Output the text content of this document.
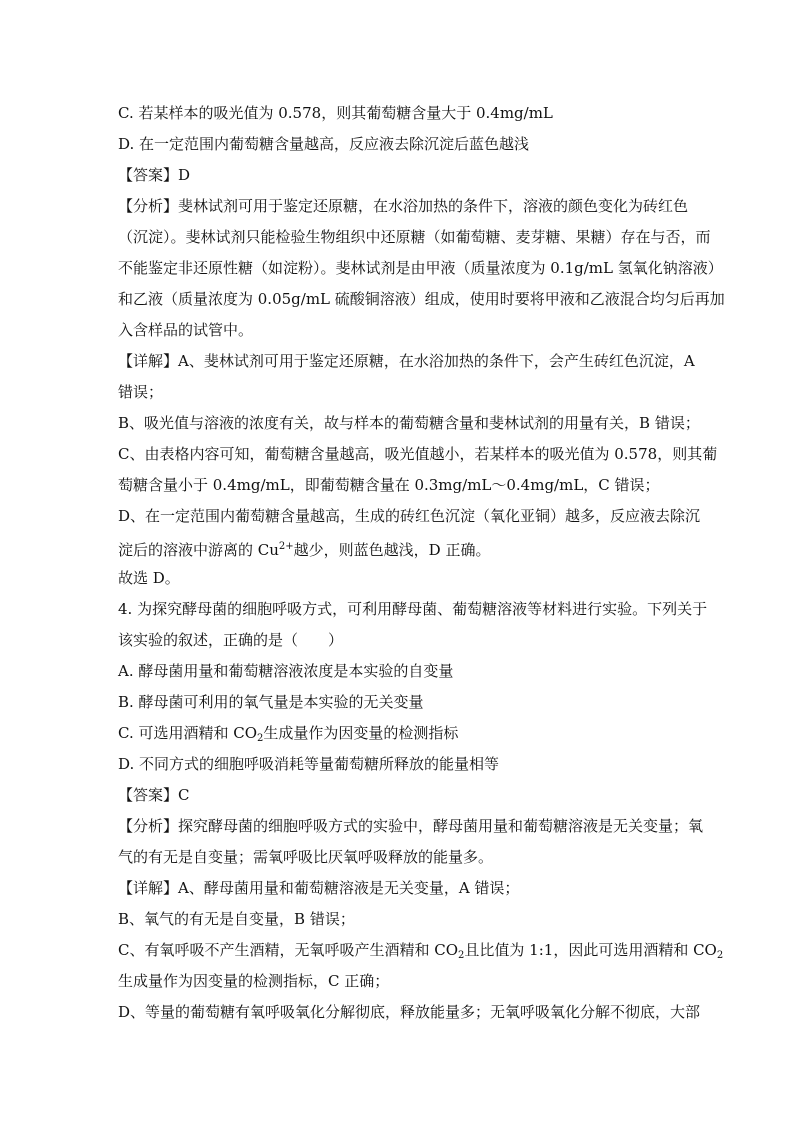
C. 若某样本的吸光值为 0.578，则其葡萄糖含量大于 0.4mg/mL
D. 在一定范围内葡萄糖含量越高，反应液去除沉淀后蓝色越浅
【答案】D
【分析】斐林试剂可用于鉴定还原糖，在水浴加热的条件下，溶液的颜色变化为砖红色
（沉淀）。斐林试剂只能检验生物组织中还原糖（如葡萄糖、麦芽糖、果糖）存在与否，而
不能鉴定非还原性糖（如淀粉）。斐林试剂是由甲液（质量浓度为 0.1g/mL 氢氧化钠溶液）
和乙液（质量浓度为 0.05g/mL 硫酸铜溶液）组成，使用时要将甲液和乙液混合均匀后再加
入含样品的试管中。
【详解】A、斐林试剂可用于鉴定还原糖，在水浴加热的条件下，会产生砖红色沉淀，A
错误；
B、吸光值与溶液的浓度有关，故与样本的葡萄糖含量和斐林试剂的用量有关，B 错误；
C、由表格内容可知，葡萄糖含量越高，吸光值越小，若某样本的吸光值为 0.578，则其葡
萄糖含量小于 0.4mg/mL，即葡萄糖含量在 0.3mg/mL～0.4mg/mL，C 错误；
D、在一定范围内葡萄糖含量越高，生成的砖红色沉淀（氧化亚铜）越多，反应液去除沉
淀后的溶液中游离的 $Cu^{2+}$越少，则蓝色越浅，D 正确。
故选 D。
4. 为探究酵母菌的细胞呼吸方式，可利用酵母菌、葡萄糖溶液等材料进行实验。下列关于
该实验的叙述，正确的是（　　）
A. 酵母菌用量和葡萄糖溶液浓度是本实验的自变量
B. 酵母菌可利用的氧气量是本实验的无关变量
C. 可选用酒精和 $CO_2$生成量作为因变量的检测指标
D. 不同方式的细胞呼吸消耗等量葡萄糖所释放的能量相等
【答案】C
【分析】探究酵母菌的细胞呼吸方式的实验中，酵母菌用量和葡萄糖溶液是无关变量；氧
气的有无是自变量；需氧呼吸比厌氧呼吸释放的能量多。
【详解】A、酵母菌用量和葡萄糖溶液是无关变量，A 错误；
B、氧气的有无是自变量，B 错误；
C、有氧呼吸不产生酒精，无氧呼吸产生酒精和 $CO_2$且比值为 1:1，因此可选用酒精和 $CO_2$
生成量作为因变量的检测指标，C 正确；
D、等量的葡萄糖有氧呼吸氧化分解彻底，释放能量多；无氧呼吸氧化分解不彻底，大部
